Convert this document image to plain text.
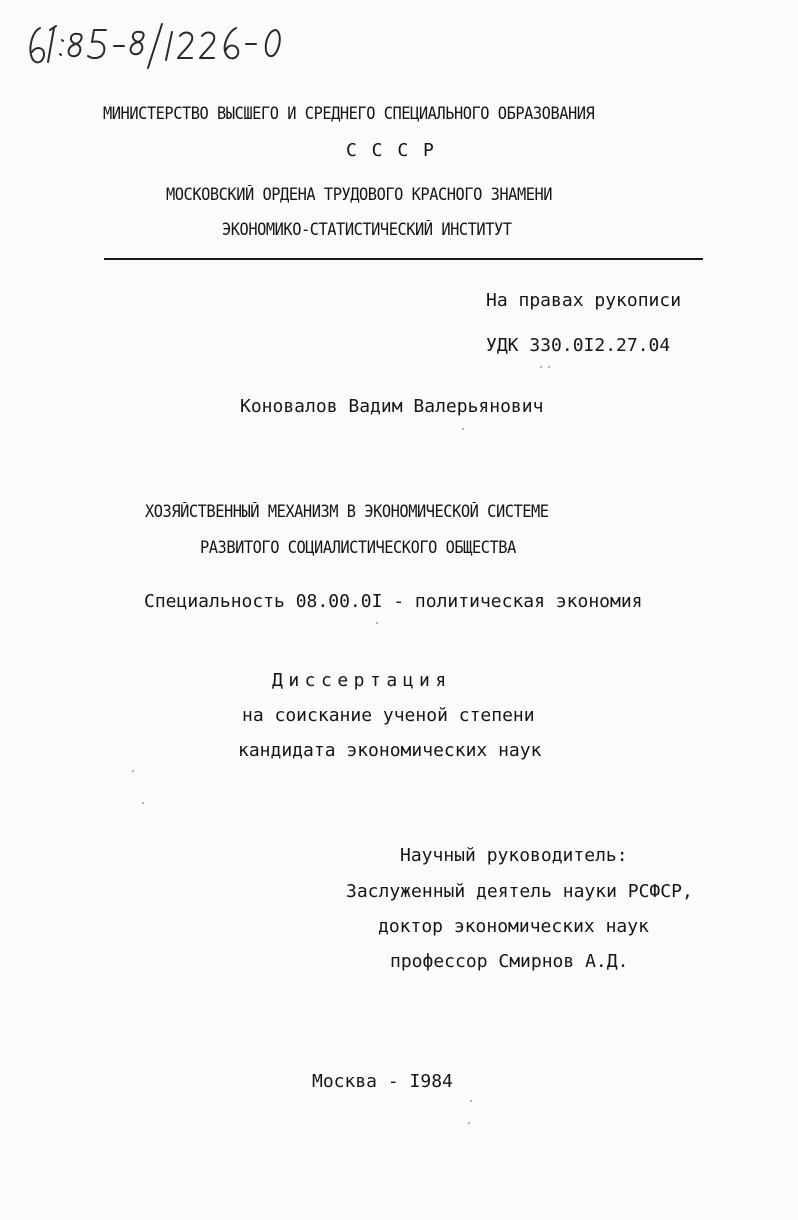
МИНИСТЕРСТВО ВЫСШЕГО И СРЕДНЕГО СПЕЦИАЛЬНОГО ОБРАЗОВАНИЯ
С С С Р
МОСКОВСКИЙ ОРДЕНА ТРУДОВОГО КРАСНОГО ЗНАМЕНИ
ЭКОНОМИКО-СТАТИСТИЧЕСКИЙ ИНСТИТУТ
На правах рукописи
УДК 330.0I2.27.04
Коновалов Вадим Валерьянович
ХОЗЯЙСТВЕННЫЙ МЕХАНИЗМ В ЭКОНОМИЧЕСКОЙ СИСТЕМЕ
РАЗВИТОГО СОЦИАЛИСТИЧЕСКОГО ОБЩЕСТВА
Специальность 08.00.0I - политическая экономия
Диссертация
на соискание ученой степени
кандидата экономических наук
Научный руководитель:
Заслуженный деятель науки РСФСР,
доктор экономических наук
профессор Смирнов А.Д.
Москва - I984
